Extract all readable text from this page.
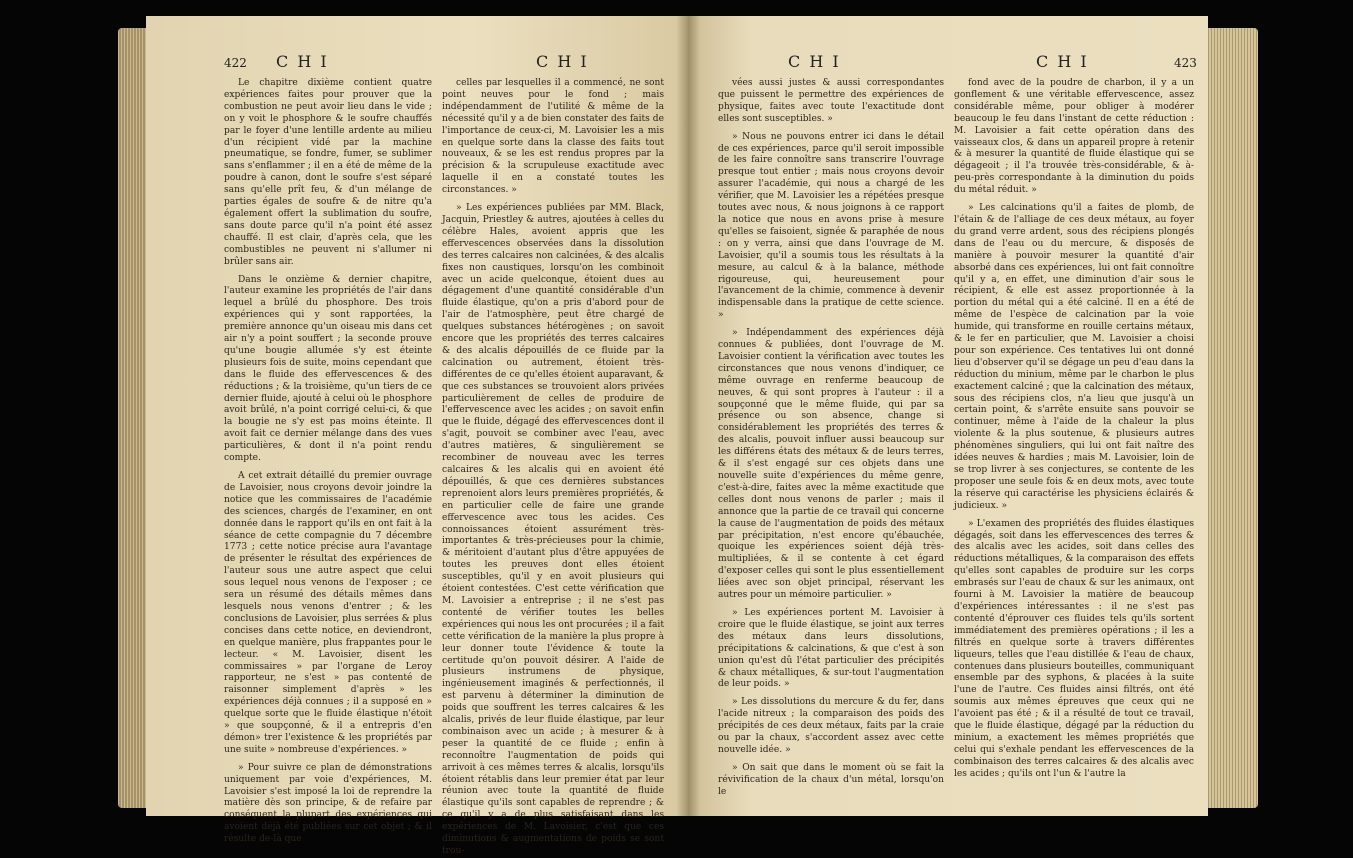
422 C H I	C H I

Le chapitre dixième contient quatre expériences faites pour prouver que la combustion ne peut avoir lieu dans le vide ; on y voit le phosphore & le soufre chauffés par le foyer d'une lentille ardente au milieu d'un récipient vidé par la machine pneumatique, se fondre, fumer, se sublimer sans s'enflammer ; il en a été de même de la poudre à canon, dont le soufre s'est séparé sans qu'elle prît feu, & d'un mélange de parties égales de soufre & de nitre qu'a également offert la sublimation du soufre, sans doute parce qu'il n'a point été assez chauffé. Il est clair, d'après cela, que les combustibles ne peuvent ni s'allumer ni brûler sans air.

Dans le onzième & dernier chapitre, l'auteur examine les propriétés de l'air dans lequel a brûlé du phosphore. Des trois expériences qui y sont rapportées, la première annonce qu'un oiseau mis dans cet air n'y a point souffert ; la seconde prouve qu'une bougie allumée s'y est éteinte plusieurs fois de suite, moins cependant que dans le fluide des effervescences & des réductions ; & la troisième, qu'un tiers de ce dernier fluide, ajouté à celui où le phosphore avoit brûlé, n'a point corrigé celui-ci, & que la bougie ne s'y est pas moins éteinte. Il avoit fait ce dernier mélange dans des vues particulières, & dont il n'a point rendu compte.

A cet extrait détaillé du premier ouvrage de Lavoisier, nous croyons devoir joindre la notice que les commissaires de l'académie des sciences, chargés de l'examiner, en ont donnée dans le rapport qu'ils en ont fait à la séance de cette compagnie du 7 décembre 1773 ; cette notice précise aura l'avantage de présenter le résultat des expériences de l'auteur sous une autre aspect que celui sous lequel nous venons de l'exposer ; ce sera un résumé des détails mêmes dans lesquels nous venons d'entrer ; & les conclusions de Lavoisier, plus serrées & plus concises dans cette notice, en deviendront, en quelque manière, plus frappantes pour le lecteur. « M. Lavoisier, disent les commissaires » par l'organe de Leroy rapporteur, ne s'est » pas contenté de raisonner simplement d'après » les expériences déjà connues ; il a supposé en » quelque sorte que le fluide élastique n'étoit » que soupçonné, & il a entrepris d'en démon» trer l'existence & les propriétés par une suite » nombreuse d'expériences. »

» Pour suivre ce plan de démonstrations uniquement par voie d'expériences, M. Lavoisier s'est imposé la loi de reprendre la matière dès son principe, & de refaire par conséquent la plupart des expériences qui avoient déjà été publiées sur cet objet ; & il résulte de-là que

celles par lesquelles il a commencé, ne sont point neuves pour le fond ; mais indépendamment de l'utilité & même de la nécessité qu'il y a de bien constater des faits de l'importance de ceux-ci, M. Lavoisier les a mis en quelque sorte dans la classe des faits tout nouveaux, & se les est rendus propres par la précision & la scrupuleuse exactitude avec laquelle il en a constaté toutes les circonstances. »

» Les expériences publiées par MM. Black, Jacquin, Priestley & autres, ajoutées à celles du célèbre Hales, avoient appris que les effervescences observées dans la dissolution des terres calcaires non calcinées, & des alcalis fixes non caustiques, lorsqu'on les combinoit avec un acide quelconque, étoient dues au dégagement d'une quantité considérable d'un fluide élastique, qu'on a pris d'abord pour de l'air de l'atmosphère, peut être chargé de quelques substances hétérogènes ; on savoit encore que les propriétés des terres calcaires & des alcalis dépouillés de ce fluide par la calcination ou autrement, étoient très-différentes de ce qu'elles étoient auparavant, & que ces substances se trouvoient alors privées particulièrement de celles de produire de l'effervescence avec les acides ; on savoit enfin que le fluide, dégagé des effervescences dont il s'agit, pouvoit se combiner avec l'eau, avec d'autres matières, & singulièrement se recombiner de nouveau avec les terres calcaires & les alcalis qui en avoient été dépouillés, & que ces dernières substances reprenoient alors leurs premières propriétés, & en particulier celle de faire une grande effervescence avec tous les acides. Ces connoissances étoient assurément très-importantes & très-précieuses pour la chimie, & méritoient d'autant plus d'être appuyées de toutes les preuves dont elles étoient susceptibles, qu'il y en avoit plusieurs qui étoient contestées. C'est cette vérification que M. Lavoisier a entreprise ; il ne s'est pas contenté de vérifier toutes les belles expériences qui nous les ont procurées ; il a fait cette vérification de la manière la plus propre à leur donner toute l'évidence & toute la certitude qu'on pouvoit désirer. A l'aide de plusieurs instrumens de physique, ingénieusement imaginés & perfectionnés, il est parvenu à déterminer la diminution de poids que souffrent les terres calcaires & les alcalis, privés de leur fluide élastique, par leur combinaison avec un acide ; à mesurer & à peser la quantité de ce fluide ; enfin à reconnoître l'augmentation de poids qui arrivoit à ces mêmes terres & alcalis, lorsqu'ils étoient rétablis dans leur premier état par leur réunion avec toute la quantité de fluide élastique qu'ils sont capables de reprendre ; & ce qu'il y a de plus satisfaisant dans les expériences de M. Lavoisier, c'est que ces diminutions & augmentations de poids se sont trou-

C H I	C H I	423

vées aussi justes & aussi correspondantes que puissent le permettre des expériences de physique, faites avec toute l'exactitude dont elles sont susceptibles. »

» Nous ne pouvons entrer ici dans le détail de ces expériences, parce qu'il seroit impossible de les faire connoître sans transcrire l'ouvrage presque tout entier ; mais nous croyons devoir assurer l'académie, qui nous a chargé de les vérifier, que M. Lavoisier les a répétées presque toutes avec nous, & nous joignons à ce rapport la notice que nous en avons prise à mesure qu'elles se faisoient, signée & paraphée de nous : on y verra, ainsi que dans l'ouvrage de M. Lavoisier, qu'il a soumis tous les résultats à la mesure, au calcul & à la balance, méthode rigoureuse, qui, heureusement pour l'avancement de la chimie, commence à devenir indispensable dans la pratique de cette science. »

» Indépendamment des expériences déjà connues & publiées, dont l'ouvrage de M. Lavoisier contient la vérification avec toutes les circonstances que nous venons d'indiquer, ce même ouvrage en renferme beaucoup de neuves, & qui sont propres à l'auteur : il a soupçonné que le même fluide, qui par sa présence ou son absence, change si considérablement les propriétés des terres & des alcalis, pouvoit influer aussi beaucoup sur les différens états des métaux & de leurs terres, & il s'est engagé sur ces objets dans une nouvelle suite d'expériences du même genre, c'est-à-dire, faites avec la même exactitude que celles dont nous venons de parler ; mais il annonce que la partie de ce travail qui concerne la cause de l'augmentation de poids des métaux par précipitation, n'est encore qu'ébauchée, quoique les expériences soient déjà très-multipliées, & il se contente à cet égard d'exposer celles qui sont le plus essentiellement liées avec son objet principal, réservant les autres pour un mémoire particulier. »

» Les expériences portent M. Lavoisier à croire que le fluide élastique, se joint aux terres des métaux dans leurs dissolutions, précipitations & calcinations, & que c'est à son union qu'est dû l'état particulier des précipités & chaux métalliques, & sur-tout l'augmentation de leur poids. »

» Les dissolutions du mercure & du fer, dans l'acide nitreux ; la comparaison des poids des précipités de ces deux métaux, faits par la craie ou par la chaux, s'accordent assez avec cette nouvelle idée. »

» On sait que dans le moment où se fait la révivification de la chaux d'un métal, lorsqu'on le

fond avec de la poudre de charbon, il y a un gonflement & une véritable effervescence, assez considérable même, pour obliger à modérer beaucoup le feu dans l'instant de cette réduction : M. Lavoisier a fait cette opération dans des vaisseaux clos, & dans un appareil propre à retenir & à mesurer la quantité de fluide élastique qui se dégageoit ; il l'a trouvée très-considérable, & à-peu-près correspondante à la diminution du poids du métal réduit. »

» Les calcinations qu'il a faites de plomb, de l'étain & de l'alliage de ces deux métaux, au foyer du grand verre ardent, sous des récipiens plongés dans de l'eau ou du mercure, & disposés de manière à pouvoir mesurer la quantité d'air absorbé dans ces expériences, lui ont fait connoître qu'il y a, en effet, une diminution d'air sous le récipient, & elle est assez proportionnée à la portion du métal qui a été calciné. Il en a été de même de l'espèce de calcination par la voie humide, qui transforme en rouille certains métaux, & le fer en particulier, que M. Lavoisier a choisi pour son expérience. Ces tentatives lui ont donné lieu d'observer qu'il se dégage un peu d'eau dans la réduction du minium, même par le charbon le plus exactement calciné ; que la calcination des métaux, sous des récipiens clos, n'a lieu que jusqu'à un certain point, & s'arrête ensuite sans pouvoir se continuer, même à l'aide de la chaleur la plus violente & la plus soutenue, & plusieurs autres phénomènes singuliers, qui lui ont fait naître des idées neuves & hardies ; mais M. Lavoisier, loin de se trop livrer à ses conjectures, se contente de les proposer une seule fois & en deux mots, avec toute la réserve qui caractérise les physiciens éclairés & judicieux. »

» L'examen des propriétés des fluides élastiques dégagés, soit dans les effervescences des terres & des alcalis avec les acides, soit dans celles des réductions métalliques, & la comparaison des effets qu'elles sont capables de produire sur les corps embrasés sur l'eau de chaux & sur les animaux, ont fourni à M. Lavoisier la matière de beaucoup d'expériences intéressantes : il ne s'est pas contenté d'éprouver ces fluides tels qu'ils sortent immédiatement des premières opérations ; il les a filtrés en quelque sorte à travers différentes liqueurs, telles que l'eau distillée & l'eau de chaux, contenues dans plusieurs bouteilles, communiquant ensemble par des syphons, & placées à la suite l'une de l'autre. Ces fluides ainsi filtrés, ont été soumis aux mêmes épreuves que ceux qui ne l'avoient pas été ; & il a résulté de tout ce travail, que le fluide élastique, dégagé par la réduction du minium, a exactement les mêmes propriétés que celui qui s'exhale pendant les effervescences de la combinaison des terres calcaires & des alcalis avec les acides ; qu'ils ont l'un & l'autre la
